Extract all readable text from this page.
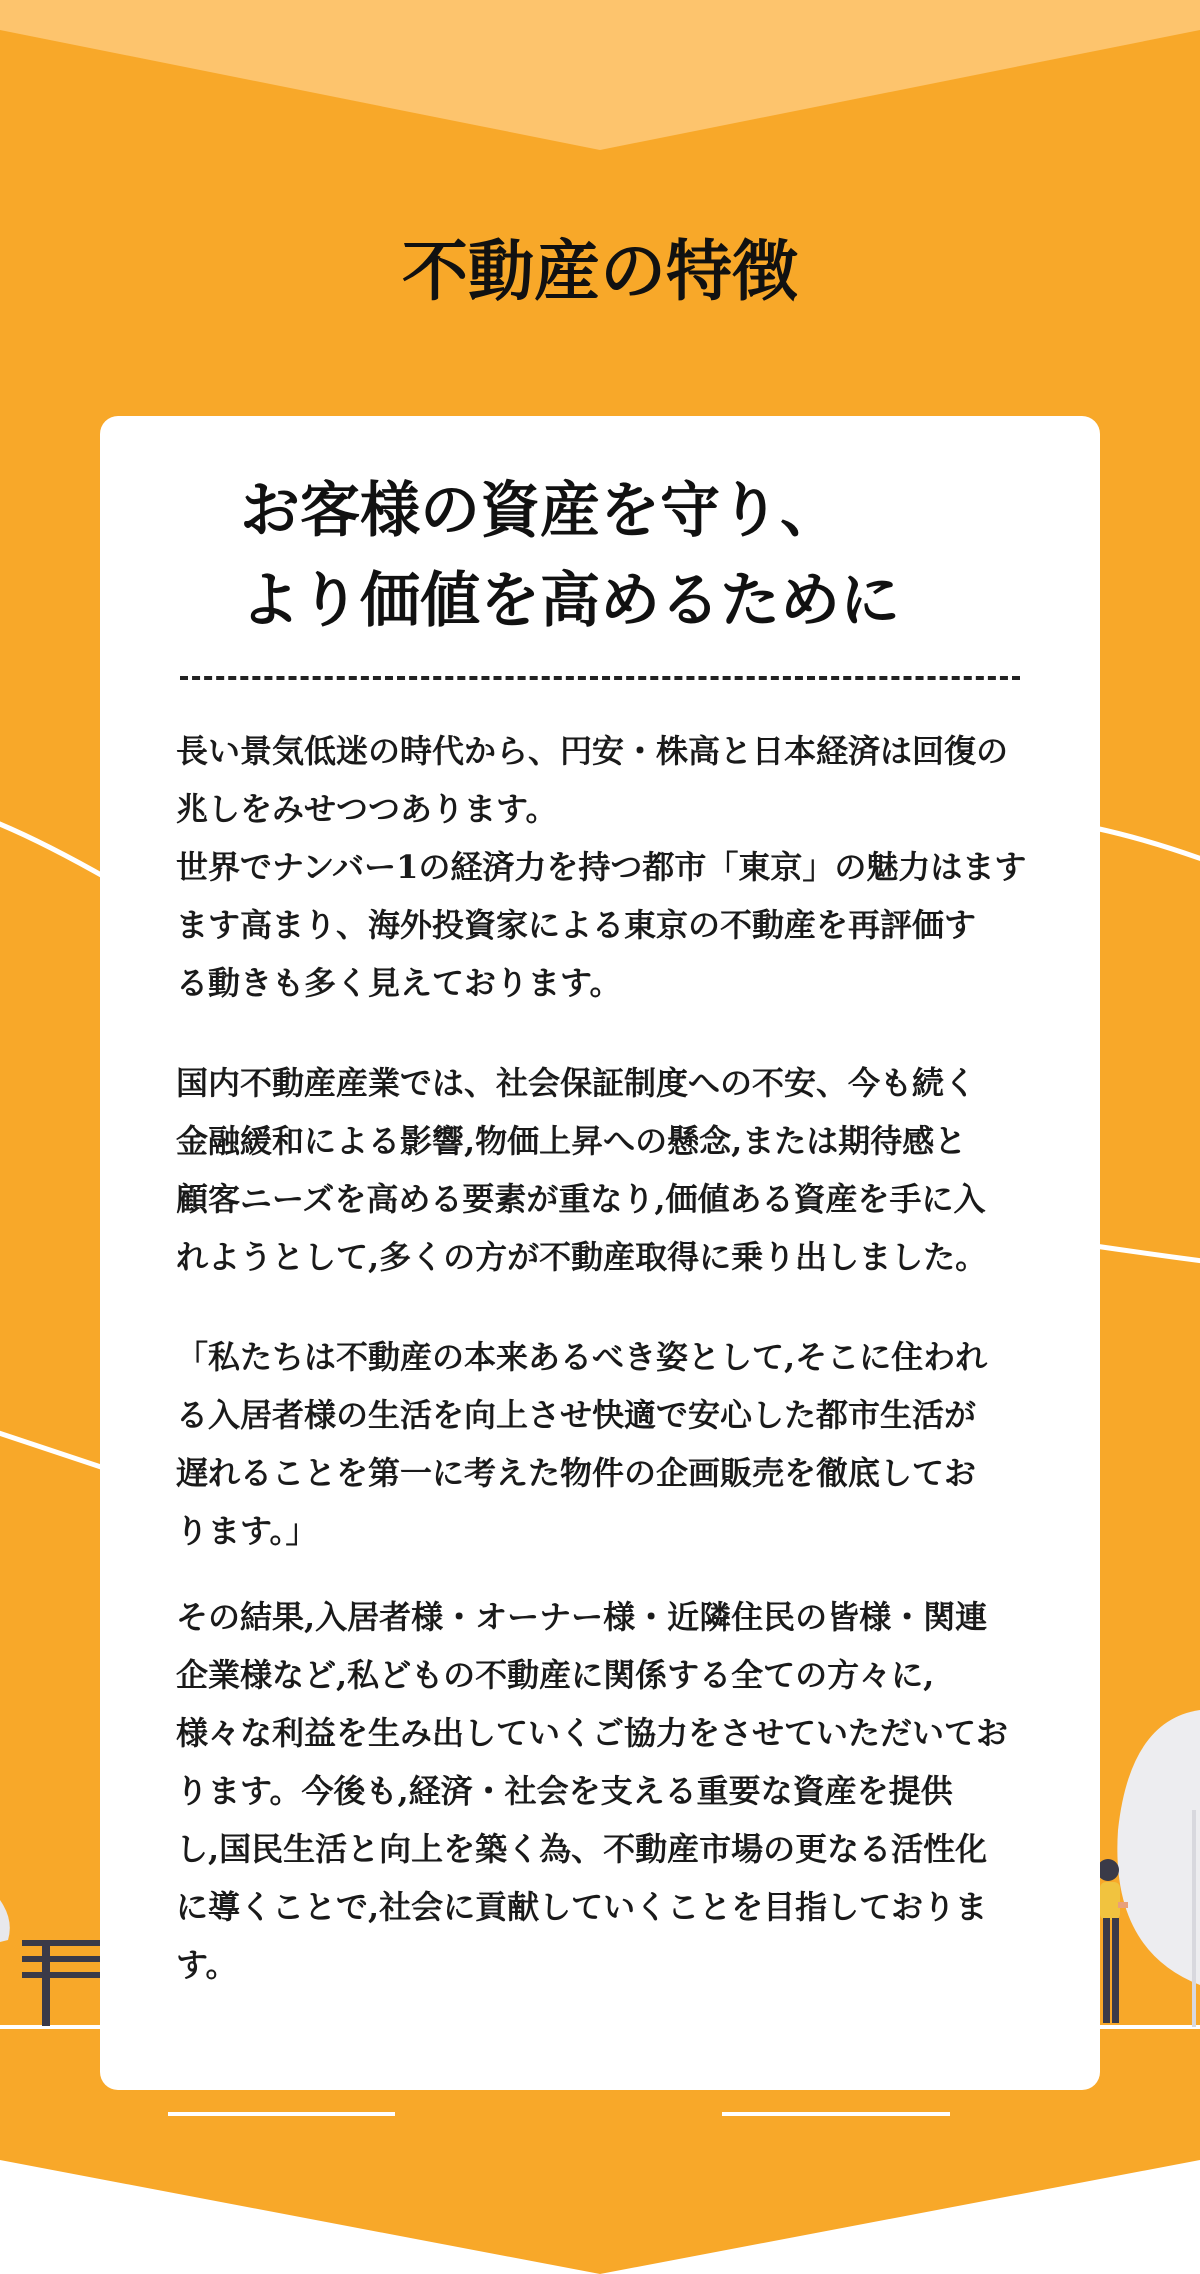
不動産の特徴
お客様の資産を守り、
より価値を高めるために

長い景気低迷の時代から、円安・株高と日本経済は回復の
兆しをみせつつあります。
世界でナンバー1の経済力を持つ都市「東京」の魅力はます
ます高まり、海外投資家による東京の不動産を再評価す
る動きも多く見えております。

国内不動産産業では、社会保証制度への不安、今も続く
金融緩和による影響,物価上昇への懸念,または期待感と
顧客ニーズを高める要素が重なり,価値ある資産を手に入
れようとして,多くの方が不動産取得に乗り出しました。

「私たちは不動産の本来あるべき姿として,そこに住われ
る入居者様の生活を向上させ快適で安心した都市生活が
遅れることを第一に考えた物件の企画販売を徹底してお
ります。」

その結果,入居者様・オーナー様・近隣住民の皆様・関連
企業様など,私どもの不動産に関係する全ての方々に,
様々な利益を生み出していくご協力をさせていただいてお
ります。今後も,経済・社会を支える重要な資産を提供
し,国民生活と向上を築く為、不動産市場の更なる活性化
に導くことで,社会に貢献していくことを目指しておりま
す。
